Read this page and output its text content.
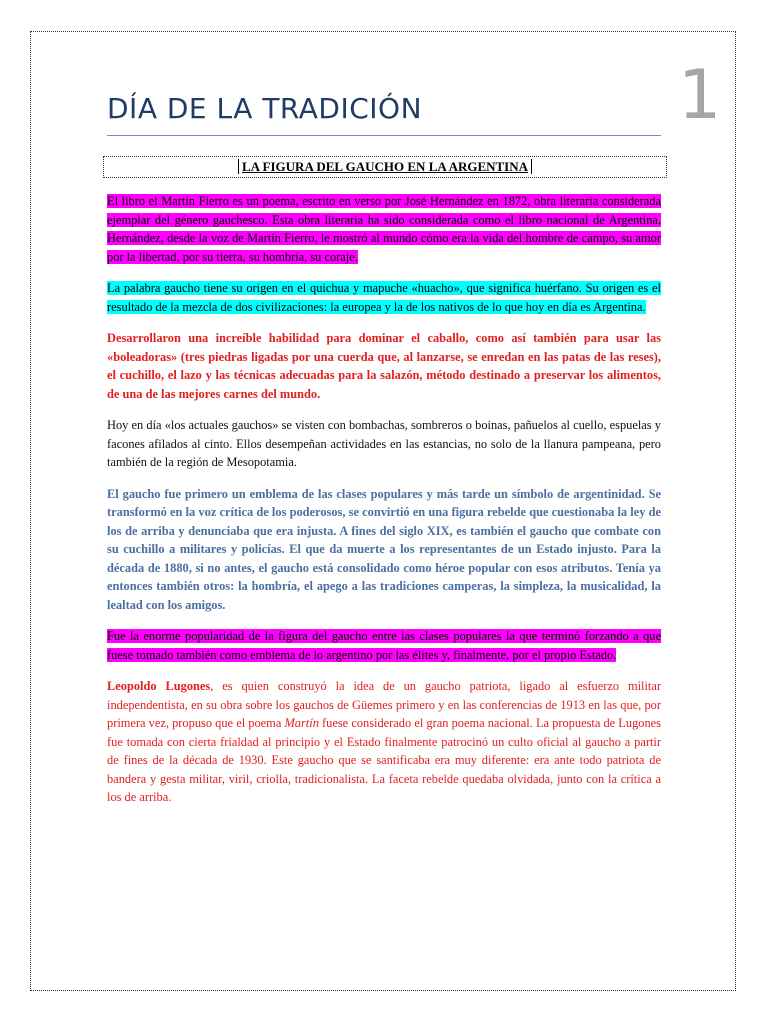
DÍA DE LA TRADICIÓN	1
LA FIGURA DEL GAUCHO EN LA ARGENTINA

El libro el Martín Fierro es un poema, escrito en verso por José Hernández en 1872, obra literaria considerada ejemplar del género gauchesco. Esta obra literaria ha sido considerada como el libro nacional de Argentina. Hernández, desde la voz de Martín Fierro, le mostró al mundo cómo era la vida del hombre de campo, su amor por la libertad, por su tierra, su hombría, su coraje.

La palabra gaucho tiene su origen en el quichua y mapuche «huacho», que significa huérfano. Su origen es el resultado de la mezcla de dos civilizaciones: la europea y la de los nativos de lo que hoy en día es Argentina.

Desarrollaron una increíble habilidad para dominar el caballo, como así también para usar las «boleadoras» (tres piedras ligadas por una cuerda que, al lanzarse, se enredan en las patas de las reses), el cuchillo, el lazo y las técnicas adecuadas para la salazón, método destinado a preservar los alimentos, de una de las mejores carnes del mundo.

Hoy en día «los actuales gauchos» se visten con bombachas, sombreros o boinas, pañuelos al cuello, espuelas y facones afilados al cinto. Ellos desempeñan actividades en las estancias, no solo de la llanura pampeana, pero también de la región de Mesopotamia.

El gaucho fue primero un emblema de las clases populares y más tarde un símbolo de argentinidad. Se transformó en la voz crítica de los poderosos, se convirtió en una figura rebelde que cuestionaba la ley de los de arriba y denunciaba que era injusta. A fines del siglo XIX, es también el gaucho que combate con su cuchillo a militares y policías. El que da muerte a los representantes de un Estado injusto. Para la década de 1880, si no antes, el gaucho está consolidado como héroe popular con esos atributos. Tenía ya entonces también otros: la hombría, el apego a las tradiciones camperas, la simpleza, la musicalidad, la lealtad con los amigos.

Fue la enorme popularidad de la figura del gaucho entre las clases populares la que terminó forzando a que fuese tomado también como emblema de lo argentino por las élites y, finalmente, por el propio Estado.

Leopoldo Lugones, es quien construyó la idea de un gaucho patriota, ligado al esfuerzo militar independentista, en su obra sobre los gauchos de Güemes primero y en las conferencias de 1913 en las que, por primera vez, propuso que el poema Martín fuese considerado el gran poema nacional. La propuesta de Lugones fue tomada con cierta frialdad al principio y el Estado finalmente patrocinó un culto oficial al gaucho a partir de fines de la década de 1930. Este gaucho que se santificaba era muy diferente: era ante todo patriota de bandera y gesta militar, viril, criolla, tradicionalista. La faceta rebelde quedaba olvidada, junto con la crítica a los de arriba.
